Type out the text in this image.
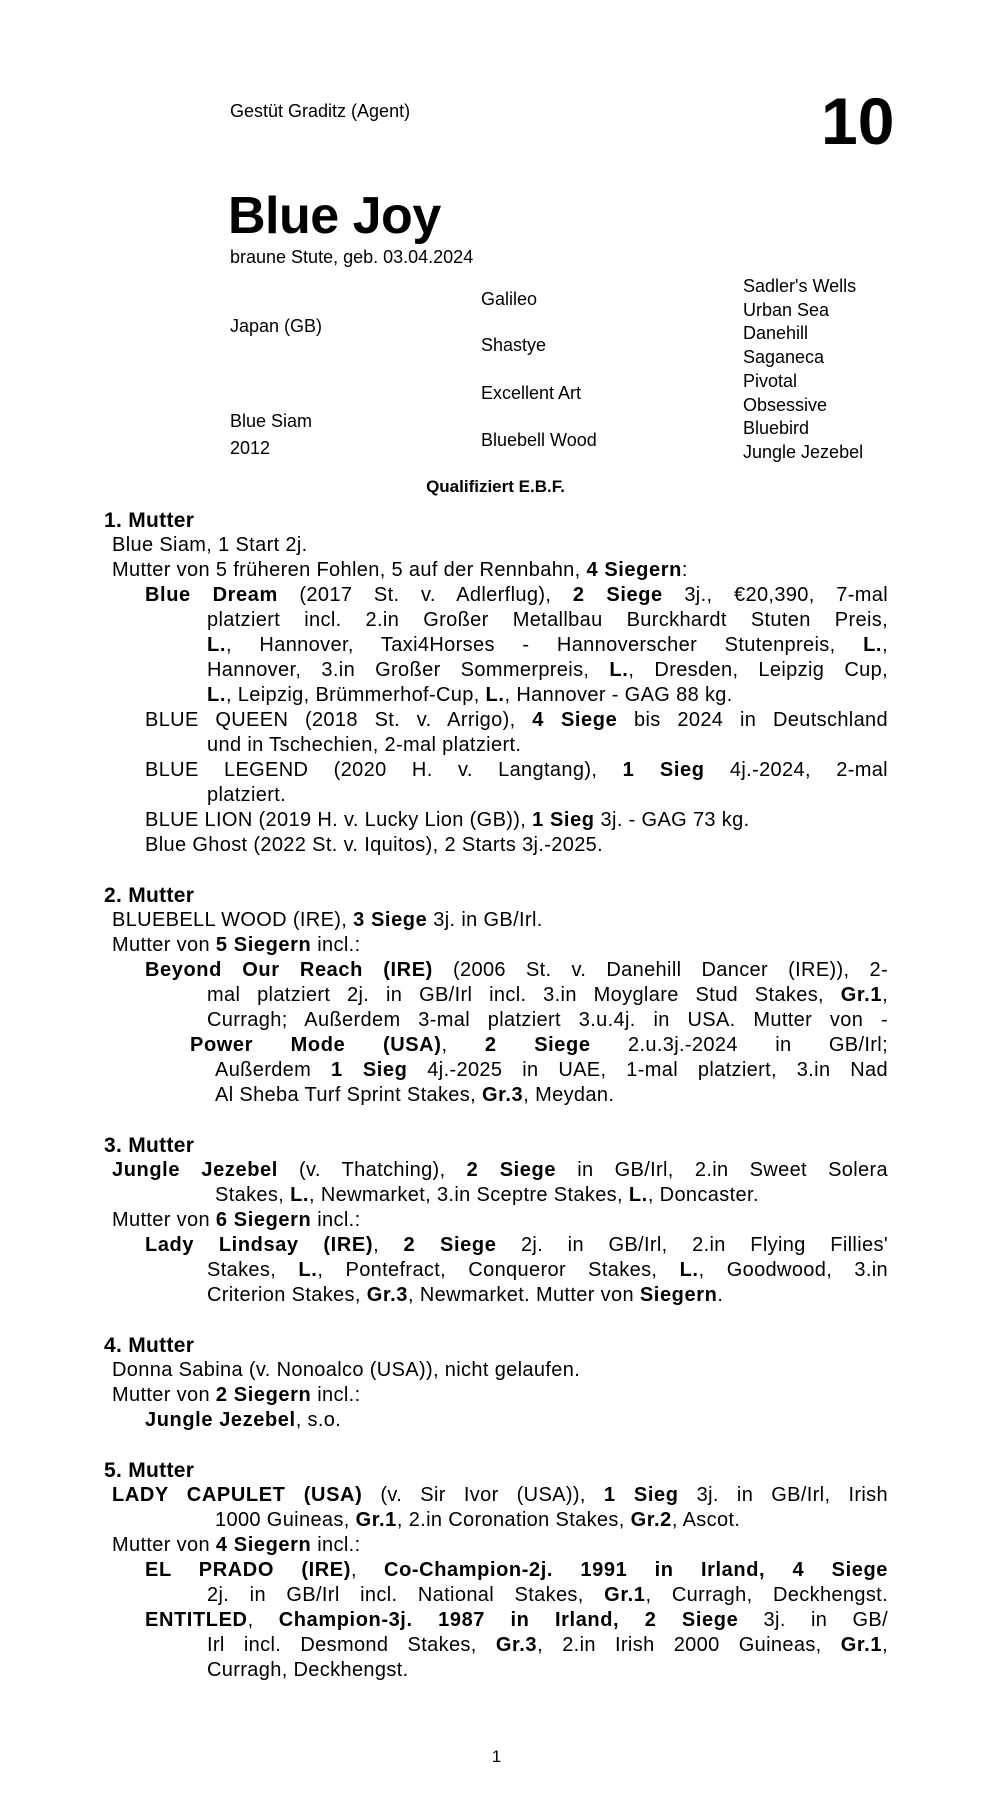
Gestüt Graditz (Agent)	10
Blue Joy
braune Stute, geb. 03.04.2024
Japan (GB)
Blue Siam
2012
Galileo
Shastye
Excellent Art
Bluebell Wood
Sadler's Wells
Urban Sea
Danehill
Saganeca
Pivotal
Obsessive
Bluebird
Jungle Jezebel
Qualifiziert E.B.F.
1. Mutter
Blue Siam, 1 Start 2j.
Mutter von 5 früheren Fohlen, 5 auf der Rennbahn, 4 Siegern:
Blue Dream (2017 St. v. Adlerflug), 2 Siege 3j., €20,390, 7-mal
platziert incl. 2.in Großer Metallbau Burckhardt Stuten Preis,
L., Hannover, Taxi4Horses - Hannoverscher Stutenpreis, L.,
Hannover, 3.in Großer Sommerpreis, L., Dresden, Leipzig Cup,
L., Leipzig, Brümmerhof-Cup, L., Hannover - GAG 88 kg.
BLUE QUEEN (2018 St. v. Arrigo), 4 Siege bis 2024 in Deutschland
und in Tschechien, 2-mal platziert.
BLUE LEGEND (2020 H. v. Langtang), 1 Sieg 4j.-2024, 2-mal
platziert.
BLUE LION (2019 H. v. Lucky Lion (GB)), 1 Sieg 3j. - GAG 73 kg.
Blue Ghost (2022 St. v. Iquitos), 2 Starts 3j.-2025.
2. Mutter
BLUEBELL WOOD (IRE), 3 Siege 3j. in GB/Irl.
Mutter von 5 Siegern incl.:
Beyond Our Reach (IRE) (2006 St. v. Danehill Dancer (IRE)), 2-
mal platziert 2j. in GB/Irl incl. 3.in Moyglare Stud Stakes, Gr.1,
Curragh; Außerdem 3-mal platziert 3.u.4j. in USA. Mutter von -
Power Mode (USA), 2 Siege 2.u.3j.-2024 in GB/Irl;
Außerdem 1 Sieg 4j.-2025 in UAE, 1-mal platziert, 3.in Nad
Al Sheba Turf Sprint Stakes, Gr.3, Meydan.
3. Mutter
Jungle Jezebel (v. Thatching), 2 Siege in GB/Irl, 2.in Sweet Solera
Stakes, L., Newmarket, 3.in Sceptre Stakes, L., Doncaster.
Mutter von 6 Siegern incl.:
Lady Lindsay (IRE), 2 Siege 2j. in GB/Irl, 2.in Flying Fillies'
Stakes, L., Pontefract, Conqueror Stakes, L., Goodwood, 3.in
Criterion Stakes, Gr.3, Newmarket. Mutter von Siegern.
4. Mutter
Donna Sabina (v. Nonoalco (USA)), nicht gelaufen.
Mutter von 2 Siegern incl.:
Jungle Jezebel, s.o.
5. Mutter
LADY CAPULET (USA) (v. Sir Ivor (USA)), 1 Sieg 3j. in GB/Irl, Irish
1000 Guineas, Gr.1, 2.in Coronation Stakes, Gr.2, Ascot.
Mutter von 4 Siegern incl.:
EL PRADO (IRE), Co-Champion-2j. 1991 in Irland, 4 Siege
2j. in GB/Irl incl. National Stakes, Gr.1, Curragh, Deckhengst.
ENTITLED, Champion-3j. 1987 in Irland, 2 Siege 3j. in GB/
Irl incl. Desmond Stakes, Gr.3, 2.in Irish 2000 Guineas, Gr.1,
Curragh, Deckhengst.
1
